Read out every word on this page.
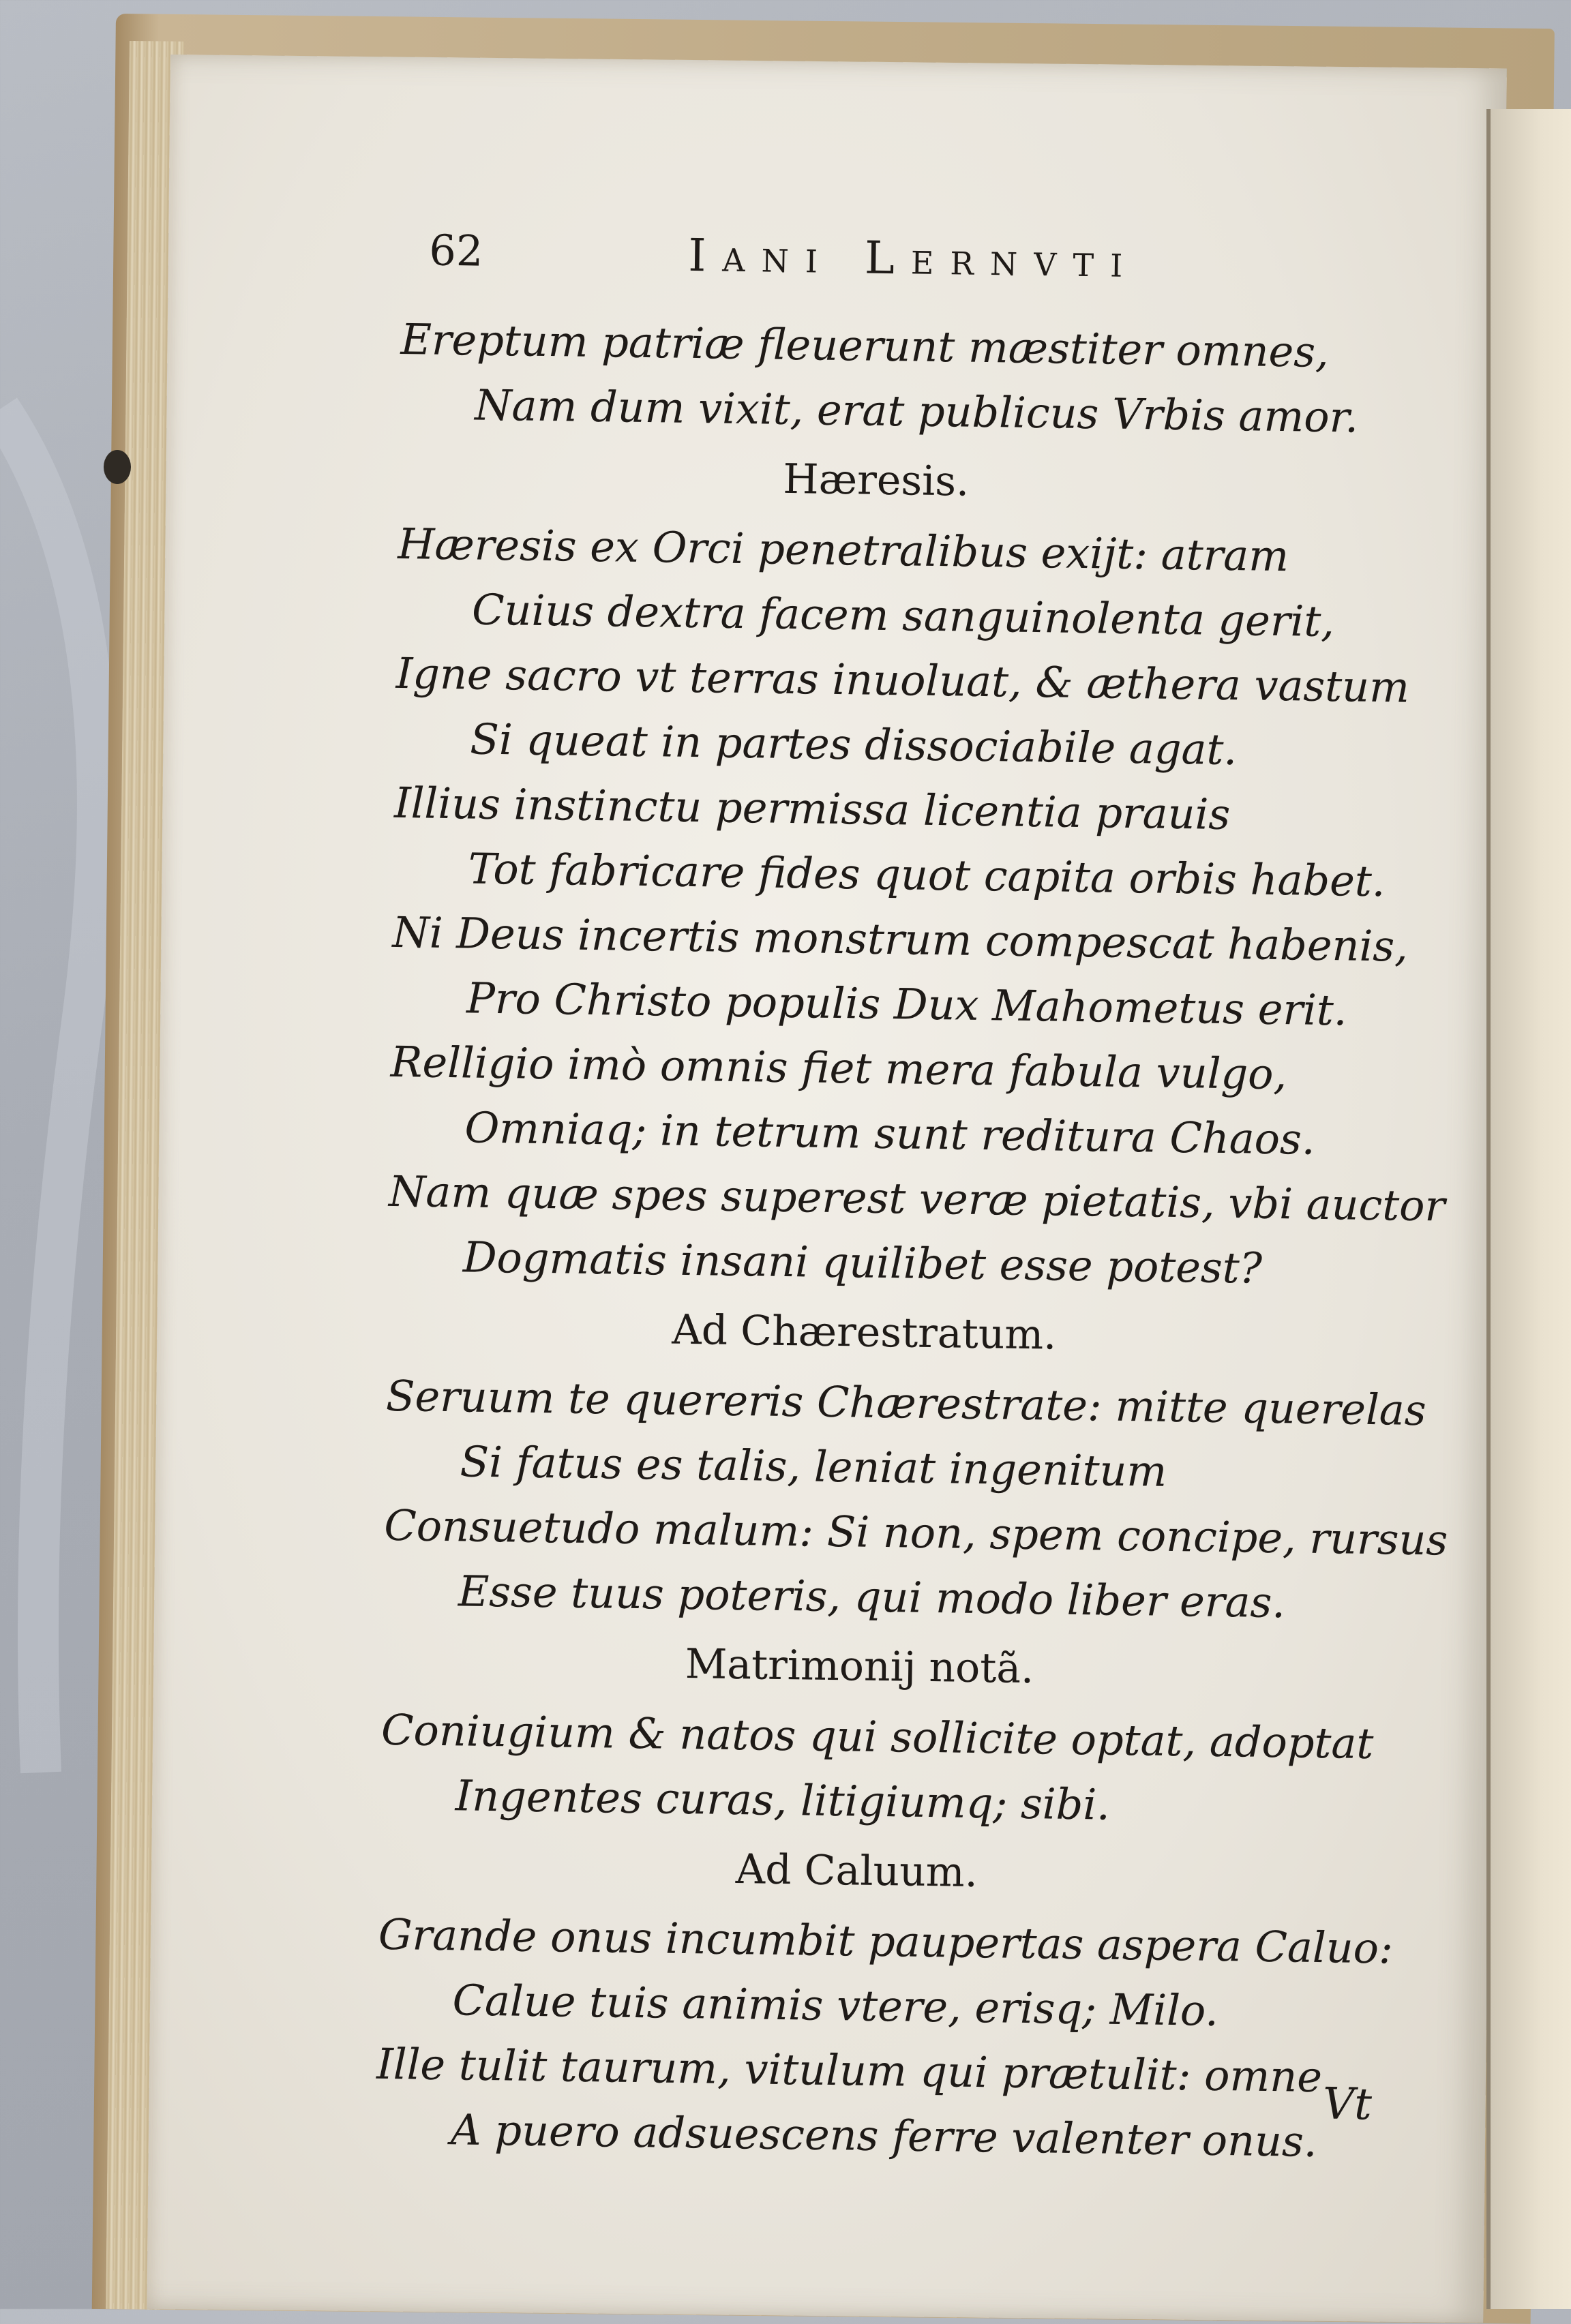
62	Iani Lernvti
Ereptum patriæ fleuerunt mæstiter omnes,
Nam dum vixit, erat publicus Vrbis amor.
Hæresis.
Hæresis ex Orci penetralibus exijt: atram
Cuius dextra facem sanguinolenta gerit,
Igne sacro vt terras inuoluat, & æthera vastum
Si queat in partes dissociabile agat.
Illius instinctu permissa licentia prauis
Tot fabricare fides quot capita orbis habet.
Ni Deus incertis monstrum compescat habenis,
Pro Christo populis Dux Mahometus erit.
Relligio imò omnis fiet mera fabula vulgo,
Omniaq; in tetrum sunt reditura Chaos.
Nam quæ spes superest veræ pietatis, vbi auctor
Dogmatis insani quilibet esse potest?
Ad Chærestratum.
Seruum te quereris Chærestrate: mitte querelas
Si fatus es talis, leniat ingenitum
Consuetudo malum: Si non, spem concipe, rursus
Esse tuus poteris, qui modo liber eras.
Matrimonij notã.
Coniugium & natos qui sollicite optat, adoptat
Ingentes curas, litigiumq; sibi.
Ad Caluum.
Grande onus incumbit paupertas aspera Caluo:
Calue tuis animis vtere, erisq; Milo.
Ille tulit taurum, vitulum qui prætulit: omne
A puero adsuescens ferre valenter onus.
Vt
